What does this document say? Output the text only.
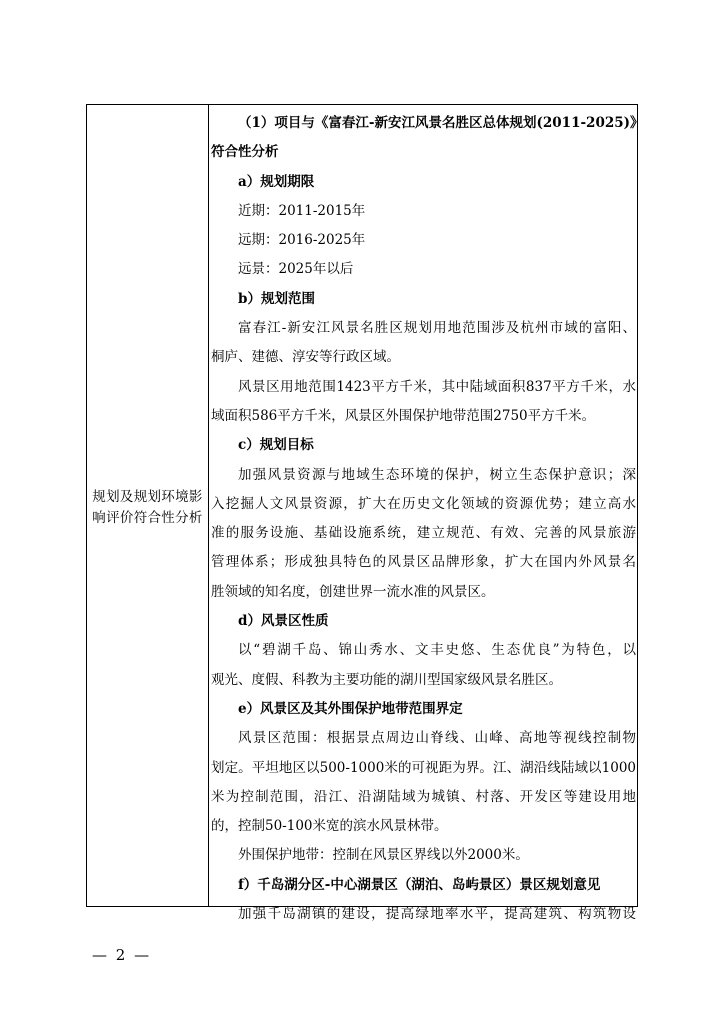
规划及规划环境影
响评价符合性分析
（1）项目与《富春江-新安江风景名胜区总体规划(2011-2025)》
符合性分析
a）规划期限
近期：2011-2015年
远期：2016-2025年
远景：2025年以后
b）规划范围
富春江-新安江风景名胜区规划用地范围涉及杭州市域的富阳、
桐庐、建德、淳安等行政区域。
风景区用地范围1423平方千米，其中陆域面积837平方千米，水
域面积586平方千米，风景区外围保护地带范围2750平方千米。
c）规划目标
加强风景资源与地域生态环境的保护，树立生态保护意识；深
入挖掘人文风景资源，扩大在历史文化领域的资源优势；建立高水
准的服务设施、基础设施系统，建立规范、有效、完善的风景旅游
管理体系；形成独具特色的风景区品牌形象，扩大在国内外风景名
胜领域的知名度，创建世界一流水准的风景区。
d）风景区性质
以“碧湖千岛、锦山秀水、文丰史悠、生态优良”为特色，以
观光、度假、科教为主要功能的湖川型国家级风景名胜区。
e）风景区及其外围保护地带范围界定
风景区范围：根据景点周边山脊线、山峰、高地等视线控制物
划定。平坦地区以500-1000米的可视距为界。江、湖沿线陆域以1000
米为控制范围，沿江、沿湖陆域为城镇、村落、开发区等建设用地
的，控制50-100米宽的滨水风景林带。
外围保护地带：控制在风景区界线以外2000米。
f）千岛湖分区-中心湖景区（湖泊、岛屿景区）景区规划意见
加强千岛湖镇的建设，提高绿地率水平，提高建筑、构筑物设
— 2 —
